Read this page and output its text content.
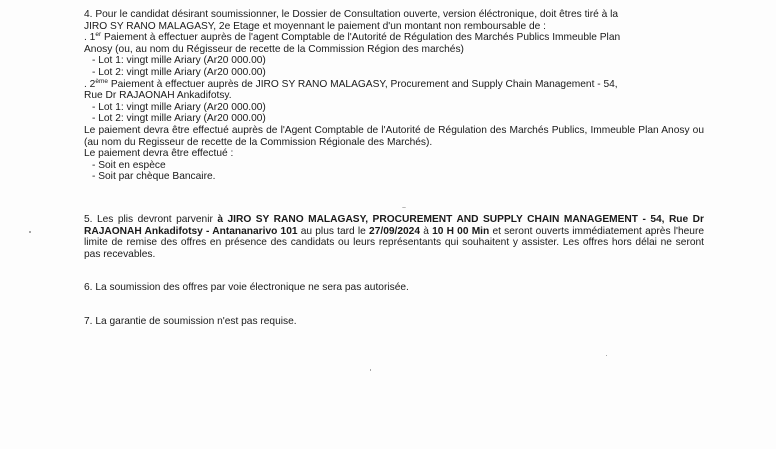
4. Pour le candidat désirant soumissionner, le Dossier de Consultation ouverte, version éléctronique, doit êtres tiré à la
JIRO SY RANO MALAGASY, 2e Etage et moyennant le paiement d'un montant non remboursable de :
. 1er Paiement à effectuer auprès de l'agent Comptable de l'Autorité de Régulation des Marchés Publics Immeuble Plan
Anosy (ou, au nom du Régisseur de recette de la Commission Région des marchés)
- Lot 1: vingt mille Ariary (Ar20 000.00)
- Lot 2: vingt mille Ariary (Ar20 000.00)
. 2ème Paiement à effectuer auprès de JIRO SY RANO MALAGASY, Procurement and Supply Chain Management - 54,
Rue Dr RAJAONAH Ankadifotsy.
- Lot 1: vingt mille Ariary (Ar20 000.00)
- Lot 2: vingt mille Ariary (Ar20 000.00)
Le paiement devra être effectué auprès de l'Agent Comptable de l'Autorité de Régulation des Marchés Publics, Immeuble Plan Anosy ou (au nom du Regisseur de recette de la Commission Régionale des Marchés).
Le paiement devra être effectué :
- Soit en espèce
- Soit par chèque Bancaire.
5. Les plis devront parvenir à JIRO SY RANO MALAGASY, PROCUREMENT AND SUPPLY CHAIN MANAGEMENT - 54, Rue Dr RAJAONAH Ankadifotsy - Antananarivo 101 au plus tard le 27/09/2024 à 10 H 00 Min et seront ouverts immédiatement après l'heure limite de remise des offres en présence des candidats ou leurs représentants qui souhaitent y assister. Les offres hors délai ne seront pas recevables.
6. La soumission des offres par voie électronique ne sera pas autorisée.
7. La garantie de soumission n'est pas requise.
